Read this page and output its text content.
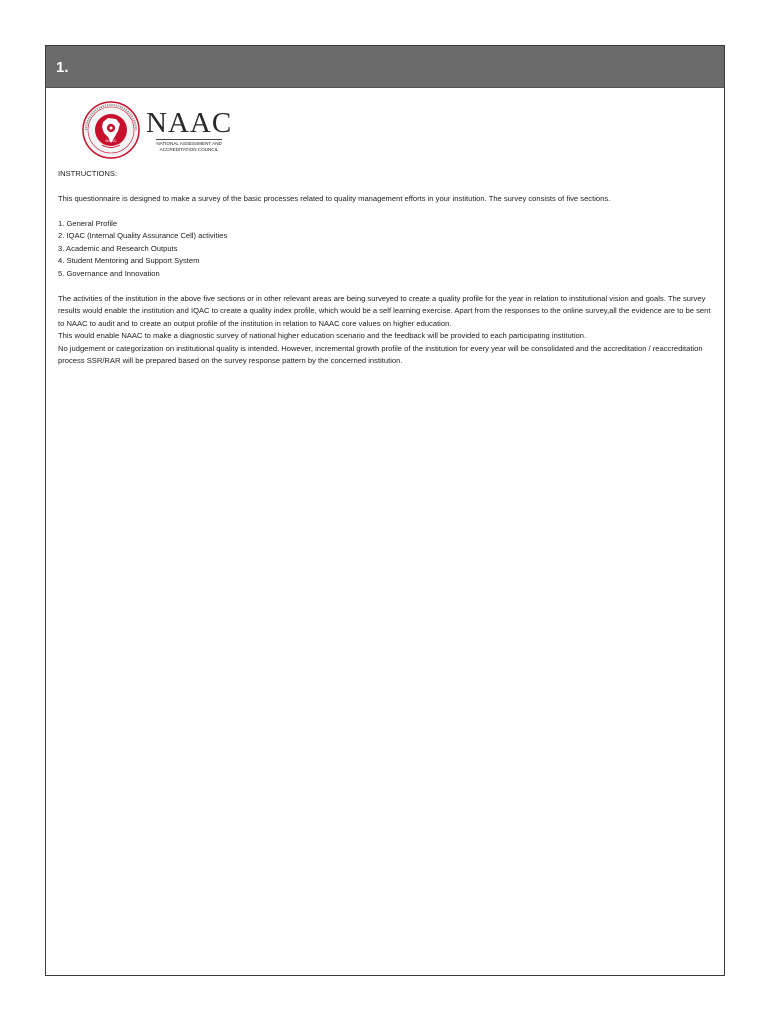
1.
NAAC
NAAC
NATIONAL ASSESSMENT AND
ACCREDITATION COUNCIL

INSTRUCTIONS:

This questionnaire is designed to make a survey of the basic processes related to quality management efforts in your institution. The survey consists of five sections.

1. General Profile
2. IQAC (Internal Quality Assurance Cell) activities
3. Academic and Research Outputs
4. Student Mentoring and Support System
5. Governance and Innovation

The activities of the institution in the above five sections or in other relevant areas are being surveyed to create a quality profile for the year in relation to institutional vision and goals. The survey results would enable the institution and IQAC to create a quality index profile, which would be a self learning exercise. Apart from the responses to the online survey,all the evidence are to be sent to NAAC to audit and to create an output profile of the institution in relation to NAAC core values on higher education.

This would enable NAAC to make a diagnostic survey of national higher education scenario and the feedback will be provided to each participating institution.

No judgement or categorization on institutional quality is intended. However, incremental growth profile of the institution for every year will be consolidated and the accreditation / reaccreditation process SSR/RAR will be prepared based on the survey response pattern by the concerned institution.
